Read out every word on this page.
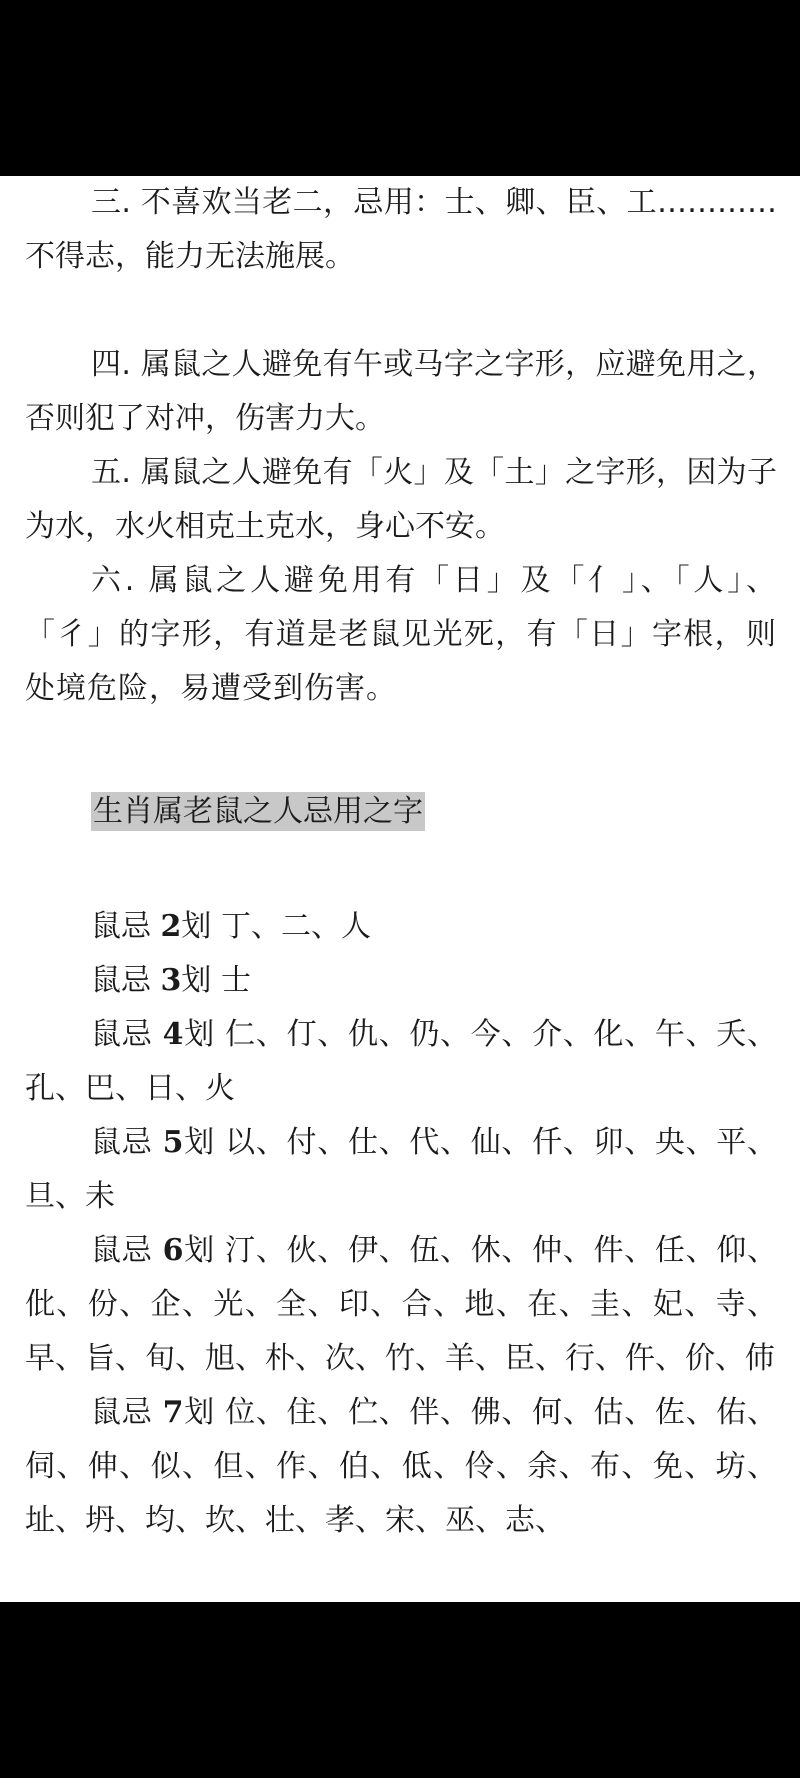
三. 不喜欢当老二，忌用：士、卿、臣、工…………不得志，能力无法施展。

四. 属鼠之人避免有午或马字之字形，应避免用之，否则犯了对冲，伤害力大。

五. 属鼠之人避免有「火」及「土」之字形，因为子为水，水火相克土克水，身心不安。

六. 属鼠之人避免用有「日」及「亻」、「人」、「彳」的字形，有道是老鼠见光死，有「日」字根，则处境危险，易遭受到伤害。

生肖属老鼠之人忌用之字

鼠忌 2划 丁、二、人

鼠忌 3划 士

鼠忌 4划 仁、仃、仇、仍、今、介、化、午、夭、孔、巴、日、火

鼠忌 5划 以、付、仕、代、仙、仟、卯、央、平、旦、未

鼠忌 6划 汀、伙、伊、伍、休、仲、件、任、仰、仳、份、企、光、全、印、合、地、在、圭、妃、寺、早、旨、旬、旭、朴、次、竹、羊、臣、行、仵、价、伂

鼠忌 7划 位、住、伫、伴、佛、何、估、佐、佑、伺、伸、似、但、作、伯、低、伶、余、布、免、坊、址、坍、均、坎、壮、孝、宋、巫、志、
